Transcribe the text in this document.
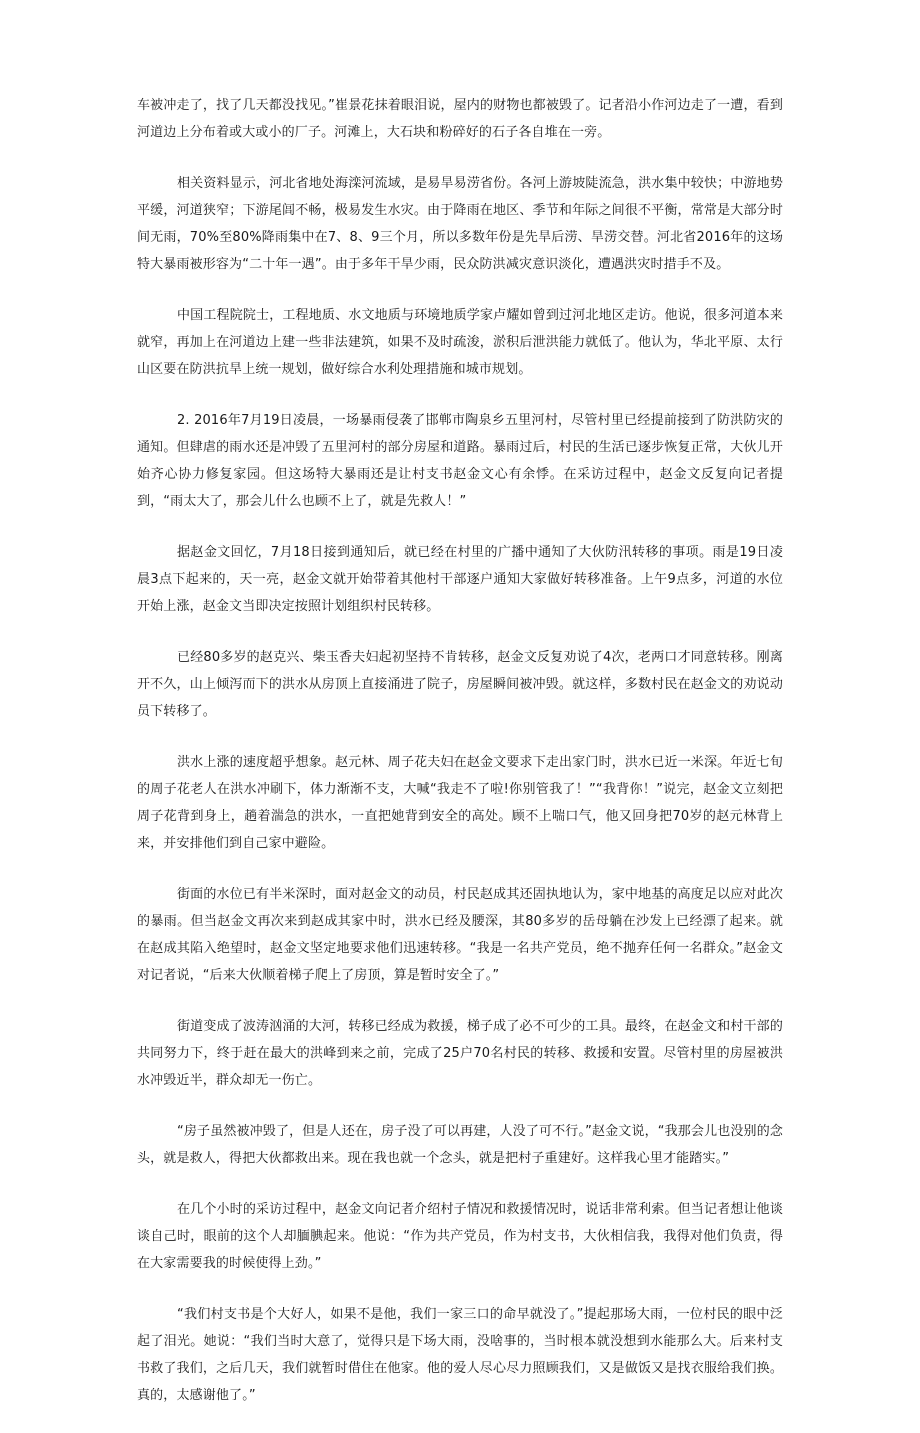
车被冲走了，找了几天都没找见。”崔景花抹着眼泪说，屋内的财物也都被毁了。记者沿小作河边走了一遭，看到河道边上分布着或大或小的厂子。河滩上，大石块和粉碎好的石子各自堆在一旁。

相关资料显示，河北省地处海滦河流域，是易旱易涝省份。各河上游坡陡流急，洪水集中较快；中游地势平缓，河道狭窄；下游尾闾不畅，极易发生水灾。由于降雨在地区、季节和年际之间很不平衡，常常是大部分时间无雨，70%至80%降雨集中在7、8、9三个月，所以多数年份是先旱后涝、旱涝交替。河北省2016年的这场特大暴雨被形容为“二十年一遇”。由于多年干旱少雨，民众防洪减灾意识淡化，遭遇洪灾时措手不及。

中国工程院院士，工程地质、水文地质与环境地质学家卢耀如曾到过河北地区走访。他说，很多河道本来就窄，再加上在河道边上建一些非法建筑，如果不及时疏浚，淤积后泄洪能力就低了。他认为，华北平原、太行山区要在防洪抗旱上统一规划，做好综合水利处理措施和城市规划。

2. 2016年7月19日凌晨，一场暴雨侵袭了邯郸市陶泉乡五里河村，尽管村里已经提前接到了防洪防灾的通知。但肆虐的雨水还是冲毁了五里河村的部分房屋和道路。暴雨过后，村民的生活已逐步恢复正常，大伙儿开始齐心协力修复家园。但这场特大暴雨还是让村支书赵金文心有余悸。在采访过程中，赵金文反复向记者提到，“雨太大了，那会儿什么也顾不上了，就是先救人！”

据赵金文回忆，7月18日接到通知后，就已经在村里的广播中通知了大伙防汛转移的事项。雨是19日凌晨3点下起来的，天一亮，赵金文就开始带着其他村干部逐户通知大家做好转移准备。上午9点多，河道的水位开始上涨，赵金文当即决定按照计划组织村民转移。

已经80多岁的赵克兴、柴玉香夫妇起初坚持不肯转移，赵金文反复劝说了4次，老两口才同意转移。刚离开不久，山上倾泻而下的洪水从房顶上直接涌进了院子，房屋瞬间被冲毁。就这样，多数村民在赵金文的劝说动员下转移了。

洪水上涨的速度超乎想象。赵元林、周子花夫妇在赵金文要求下走出家门时，洪水已近一米深。年近七旬的周子花老人在洪水冲刷下，体力渐渐不支，大喊“我走不了啦!你别管我了！”“我背你！”说完，赵金文立刻把周子花背到身上，趟着湍急的洪水，一直把她背到安全的高处。顾不上喘口气，他又回身把70岁的赵元林背上来，并安排他们到自己家中避险。

街面的水位已有半米深时，面对赵金文的动员，村民赵成其还固执地认为，家中地基的高度足以应对此次的暴雨。但当赵金文再次来到赵成其家中时，洪水已经及腰深，其80多岁的岳母躺在沙发上已经漂了起来。就在赵成其陷入绝望时，赵金文坚定地要求他们迅速转移。“我是一名共产党员，绝不抛弃任何一名群众。”赵金文对记者说，“后来大伙顺着梯子爬上了房顶，算是暂时安全了。”

街道变成了波涛汹涌的大河，转移已经成为救援，梯子成了必不可少的工具。最终，在赵金文和村干部的共同努力下，终于赶在最大的洪峰到来之前，完成了25户70名村民的转移、救援和安置。尽管村里的房屋被洪水冲毁近半，群众却无一伤亡。

“房子虽然被冲毁了，但是人还在，房子没了可以再建，人没了可不行。”赵金文说，“我那会儿也没别的念头，就是救人，得把大伙都救出来。现在我也就一个念头，就是把村子重建好。这样我心里才能踏实。”

在几个小时的采访过程中，赵金文向记者介绍村子情况和救援情况时，说话非常利索。但当记者想让他谈谈自己时，眼前的这个人却腼腆起来。他说：“作为共产党员，作为村支书，大伙相信我，我得对他们负责，得在大家需要我的时候使得上劲。”

“我们村支书是个大好人，如果不是他，我们一家三口的命早就没了。”提起那场大雨，一位村民的眼中泛起了泪光。她说：“我们当时大意了，觉得只是下场大雨，没啥事的，当时根本就没想到水能那么大。后来村支书救了我们，之后几天，我们就暂时借住在他家。他的爱人尽心尽力照顾我们，又是做饭又是找衣服给我们换。真的，太感谢他了。”
